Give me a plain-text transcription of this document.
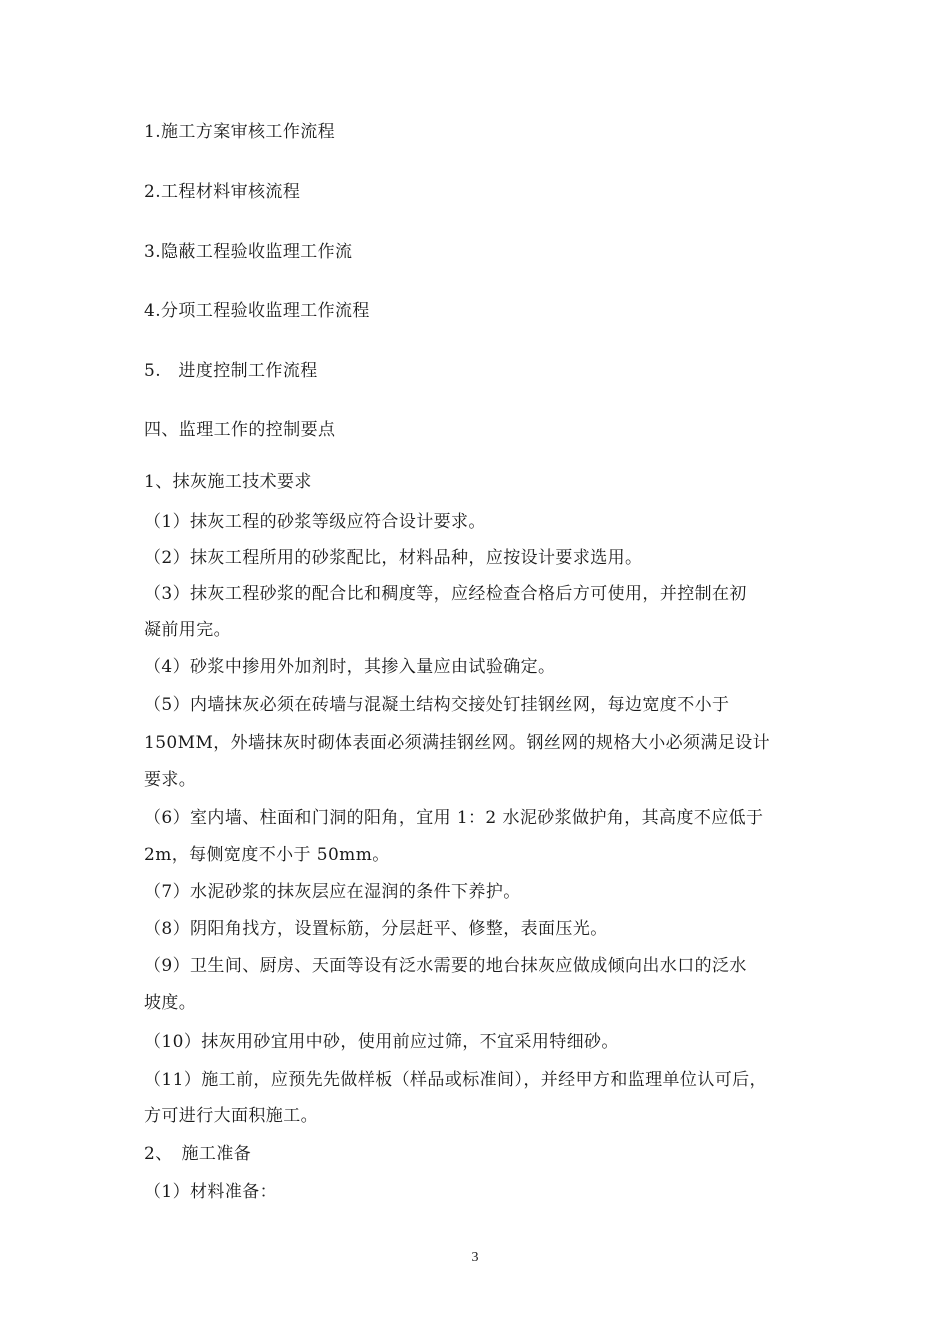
1.施工方案审核工作流程
2.工程材料审核流程
3.隐蔽工程验收监理工作流
4.分项工程验收监理工作流程
5.　进度控制工作流程
四、监理工作的控制要点
1、抹灰施工技术要求
（1）抹灰工程的砂浆等级应符合设计要求。
（2）抹灰工程所用的砂浆配比，材料品种，应按设计要求选用。
（3）抹灰工程砂浆的配合比和稠度等，应经检查合格后方可使用，并控制在初
凝前用完。
（4）砂浆中掺用外加剂时，其掺入量应由试验确定。
（5）内墙抹灰必须在砖墙与混凝土结构交接处钉挂钢丝网，每边宽度不小于
150MM，外墙抹灰时砌体表面必须满挂钢丝网。钢丝网的规格大小必须满足设计
要求。
（6）室内墙、柱面和门洞的阳角，宜用 1：2 水泥砂浆做护角，其高度不应低于
2m，每侧宽度不小于 50mm。
（7）水泥砂浆的抹灰层应在湿润的条件下养护。
（8）阴阳角找方，设置标筋，分层赶平、修整，表面压光。
（9）卫生间、厨房、天面等设有泛水需要的地台抹灰应做成倾向出水口的泛水
坡度。
（10）抹灰用砂宜用中砂，使用前应过筛，不宜采用特细砂。
（11）施工前，应预先先做样板（样品或标准间），并经甲方和监理单位认可后，
方可进行大面积施工。
2、　施工准备
（1）材料准备：
3
